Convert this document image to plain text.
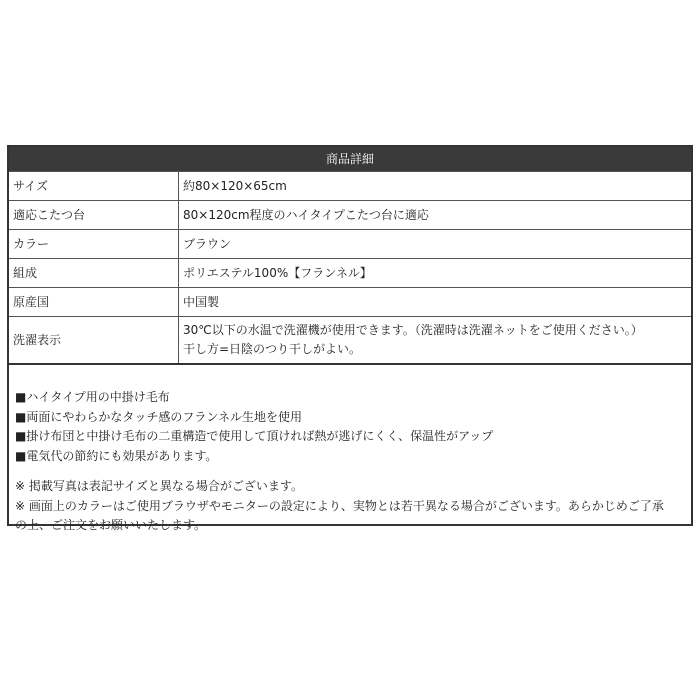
商品詳細
サイズ	約80×120×65cm
適応こたつ台	80×120cm程度のハイタイプこたつ台に適応
カラー	ブラウン
組成	ポリエステル100%【フランネル】
原産国	中国製
洗濯表示	30℃以下の水温で洗濯機が使用できます。（洗濯時は洗濯ネットをご使用ください。）
干し方=日陰のつり干しがよい。
■ハイタイプ用の中掛け毛布
■両面にやわらかなタッチ感のフランネル生地を使用
■掛け布団と中掛け毛布の二重構造で使用して頂ければ熱が逃げにくく、保温性がアップ
■電気代の節約にも効果があります。
※ 掲載写真は表記サイズと異なる場合がございます。
※ 画面上のカラーはご使用ブラウザやモニターの設定により、実物とは若干異なる場合がございます。あらかじめご了承
の上、ご注文をお願いいたします。
